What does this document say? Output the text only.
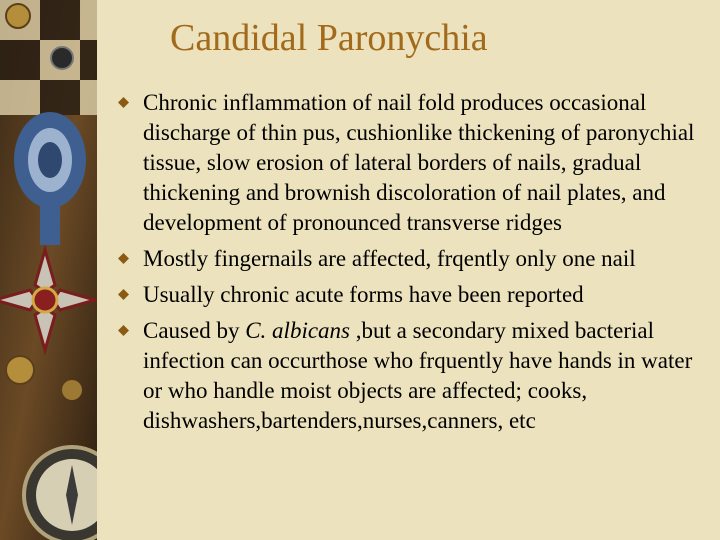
Candidal Paronychia
Chronic inflammation of nail fold produces occasional discharge of thin pus, cushionlike thickening of paronychial tissue, slow erosion of lateral borders of nails, gradual thickening and brownish discoloration of nail plates, and development of pronounced transverse ridges
Mostly fingernails are affected, frqently only one nail
Usually chronic acute forms have been reported
Caused by C. albicans ,but a secondary mixed bacterial infection can occurthose who frquently have hands in water or who handle moist objects are affected; cooks, dishwashers,bartenders,nurses,canners, etc
